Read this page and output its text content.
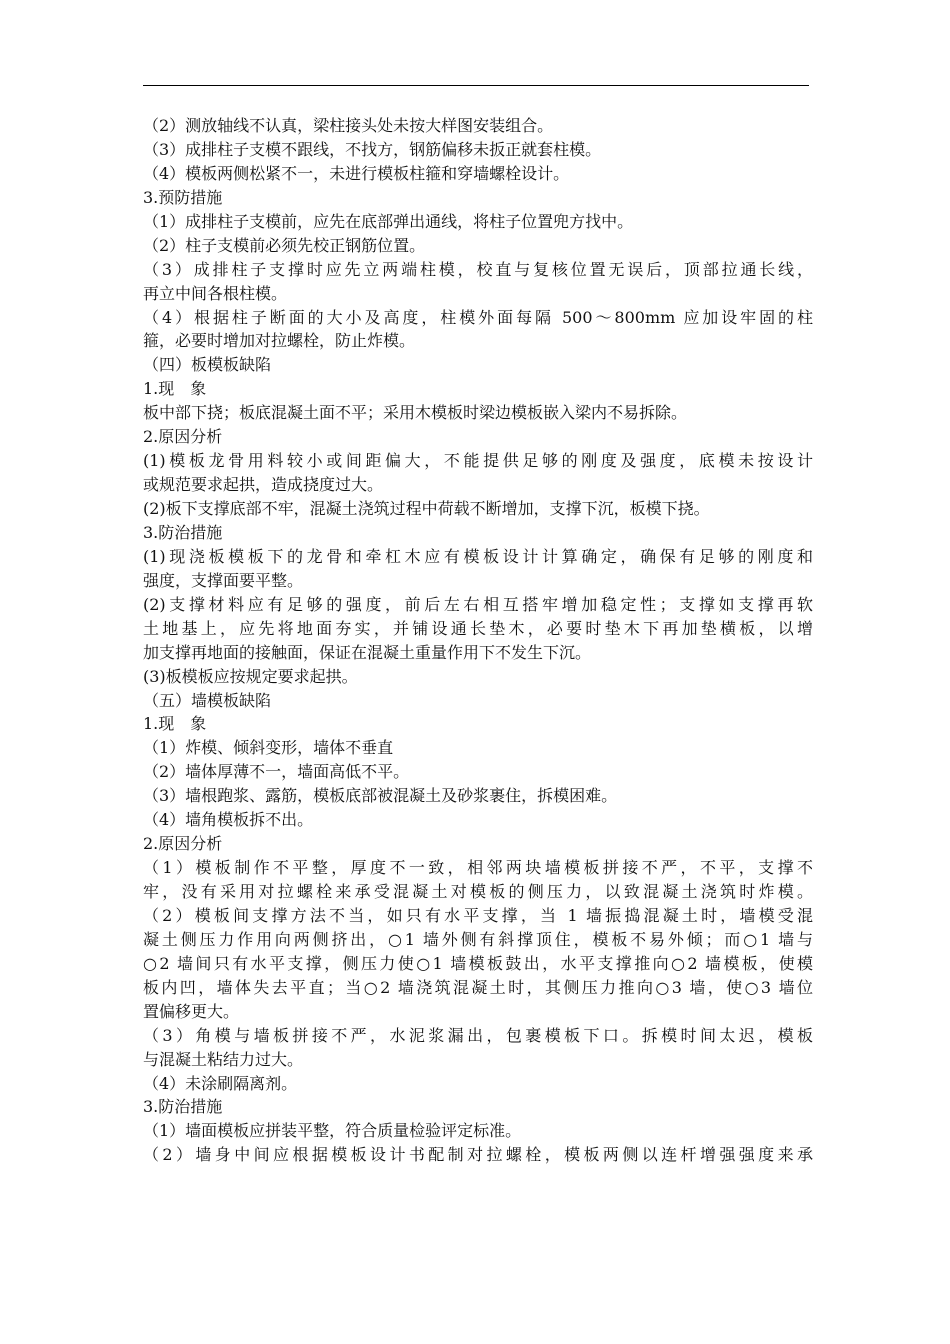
（2）测放轴线不认真，梁柱接头处未按大样图安装组合。
（3）成排柱子支模不跟线，不找方，钢筋偏移未扳正就套柱模。
（4）模板两侧松紧不一，未进行模板柱箍和穿墙螺栓设计。
3.预防措施
（1）成排柱子支模前，应先在底部弹出通线，将柱子位置兜方找中。
（2）柱子支模前必须先校正钢筋位置。
（3）成排柱子支撑时应先立两端柱模，校直与复核位置无误后，顶部拉通长线，
再立中间各根柱模。
（4）根据柱子断面的大小及高度，柱模外面每隔 500～800mm 应加设牢固的柱
箍，必要时增加对拉螺栓，防止炸模。
（四）板模板缺陷
1.现　象
板中部下挠；板底混凝土面不平；采用木模板时梁边模板嵌入梁内不易拆除。
2.原因分析
(1)模板龙骨用料较小或间距偏大，不能提供足够的刚度及强度，底模未按设计
或规范要求起拱，造成挠度过大。
(2)板下支撑底部不牢，混凝土浇筑过程中荷载不断增加，支撑下沉，板模下挠。
3.防治措施
(1)现浇板模板下的龙骨和牵杠木应有模板设计计算确定，确保有足够的刚度和
强度，支撑面要平整。
(2)支撑材料应有足够的强度，前后左右相互搭牢增加稳定性；支撑如支撑再软
土地基上，应先将地面夯实，并铺设通长垫木，必要时垫木下再加垫横板，以增
加支撑再地面的接触面，保证在混凝土重量作用下不发生下沉。
(3)板模板应按规定要求起拱。
（五）墙模板缺陷
1.现　象
（1）炸模、倾斜变形，墙体不垂直
（2）墙体厚薄不一，墙面高低不平。
（3）墙根跑浆、露筋，模板底部被混凝土及砂浆裹住，拆模困难。
（4）墙角模板拆不出。
2.原因分析
（1）模板制作不平整，厚度不一致，相邻两块墙模板拼接不严，不平，支撑不
牢，没有采用对拉螺栓来承受混凝土对模板的侧压力，以致混凝土浇筑时炸模。
（2）模板间支撑方法不当，如只有水平支撑，当 1 墙振捣混凝土时，墙模受混
凝土侧压力作用向两侧挤出，○1 墙外侧有斜撑顶住，模板不易外倾；而○1 墙与
○2 墙间只有水平支撑，侧压力使○1 墙模板鼓出，水平支撑推向○2 墙模板，使模
板内凹，墙体失去平直；当○2 墙浇筑混凝土时，其侧压力推向○3 墙，使○3 墙位
置偏移更大。
（3）角模与墙板拼接不严，水泥浆漏出，包裹模板下口。拆模时间太迟，模板
与混凝土粘结力过大。
（4）未涂刷隔离剂。
3.防治措施
（1）墙面模板应拼装平整，符合质量检验评定标准。
（2）墙身中间应根据模板设计书配制对拉螺栓，模板两侧以连杆增强强度来承
